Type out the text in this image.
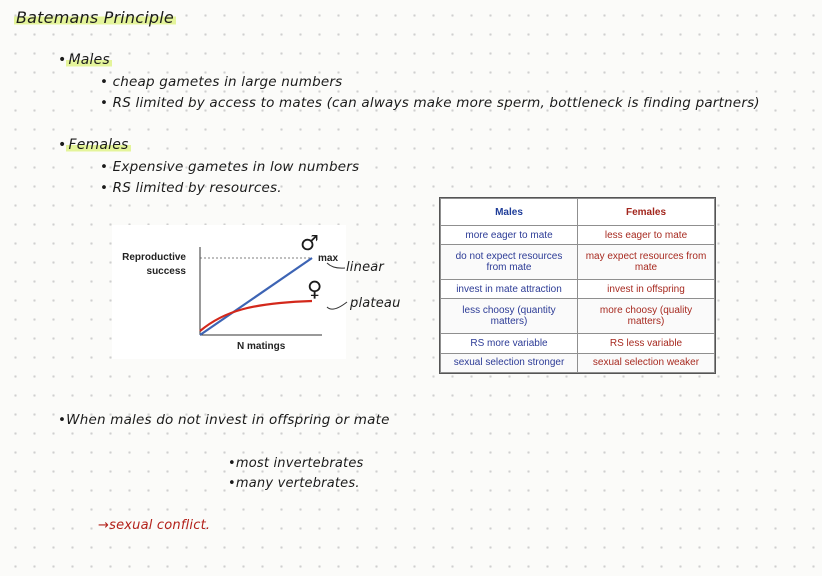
Batemans Principle
• Males
• cheap gametes in large numbers
• RS limited by access to mates (can always make more sperm, bottleneck is finding partners)
• Females
• Expensive gametes in low numbers
• RS limited by resources.
Reproductive
success
max
N matings
♂
♀
linear
plateau
Males	Females
more eager to mate	less eager to mate
do not expect resources from mate	may expect resources from mate
invest in mate attraction	invest in offspring
less choosy (quantity matters)	more choosy (quality matters)
RS more variable	RS less variable
sexual selection stronger	sexual selection weaker
•When males do not invest in offspring or mate
•most invertebrates
•many vertebrates.
→sexual conflict.
